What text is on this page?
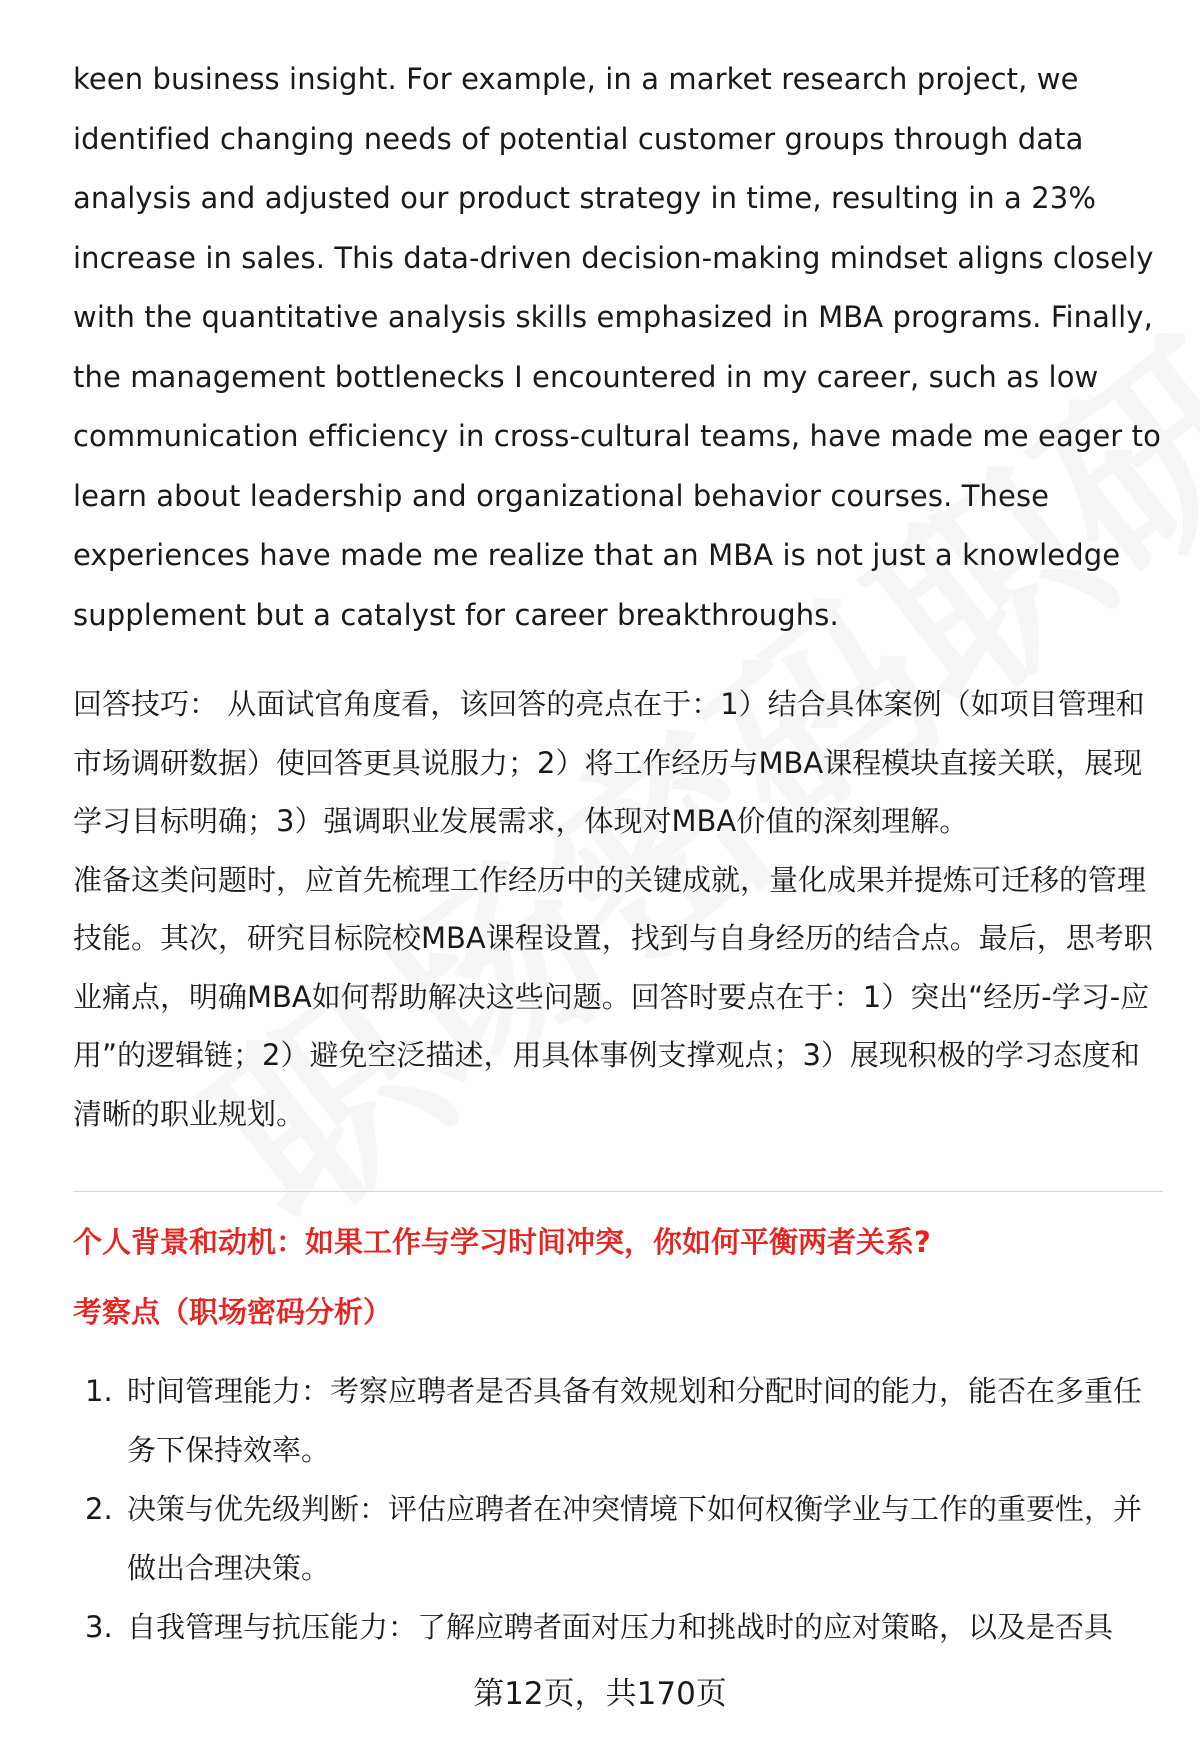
keen business insight. For example, in a market research project, we identified changing needs of potential customer groups through data analysis and adjusted our product strategy in time, resulting in a 23% increase in sales. This data-driven decision-making mindset aligns closely with the quantitative analysis skills emphasized in MBA programs. Finally, the management bottlenecks I encountered in my career, such as low communication efficiency in cross-cultural teams, have made me eager to learn about leadership and organizational behavior courses. These experiences have made me realize that an MBA is not just a knowledge supplement but a catalyst for career breakthroughs.

回答技巧： 从面试官角度看，该回答的亮点在于：1）结合具体案例（如项目管理和市场调研数据）使回答更具说服力；2）将工作经历与MBA课程模块直接关联，展现学习目标明确；3）强调职业发展需求，体现对MBA价值的深刻理解。

准备这类问题时，应首先梳理工作经历中的关键成就，量化成果并提炼可迁移的管理技能。其次，研究目标院校MBA课程设置，找到与自身经历的结合点。最后，思考职业痛点，明确MBA如何帮助解决这些问题。回答时要点在于：1）突出“经历-学习-应用”的逻辑链；2）避免空泛描述，用具体事例支撑观点；3）展现积极的学习态度和清晰的职业规划。

个人背景和动机：如果工作与学习时间冲突，你如何平衡两者关系?

考察点（职场密码分析）

1. 时间管理能力：考察应聘者是否具备有效规划和分配时间的能力，能否在多重任务下保持效率。
2. 决策与优先级判断：评估应聘者在冲突情境下如何权衡学业与工作的重要性，并做出合理决策。
3. 自我管理与抗压能力：了解应聘者面对压力和挑战时的应对策略，以及是否具
第12页，共170页
